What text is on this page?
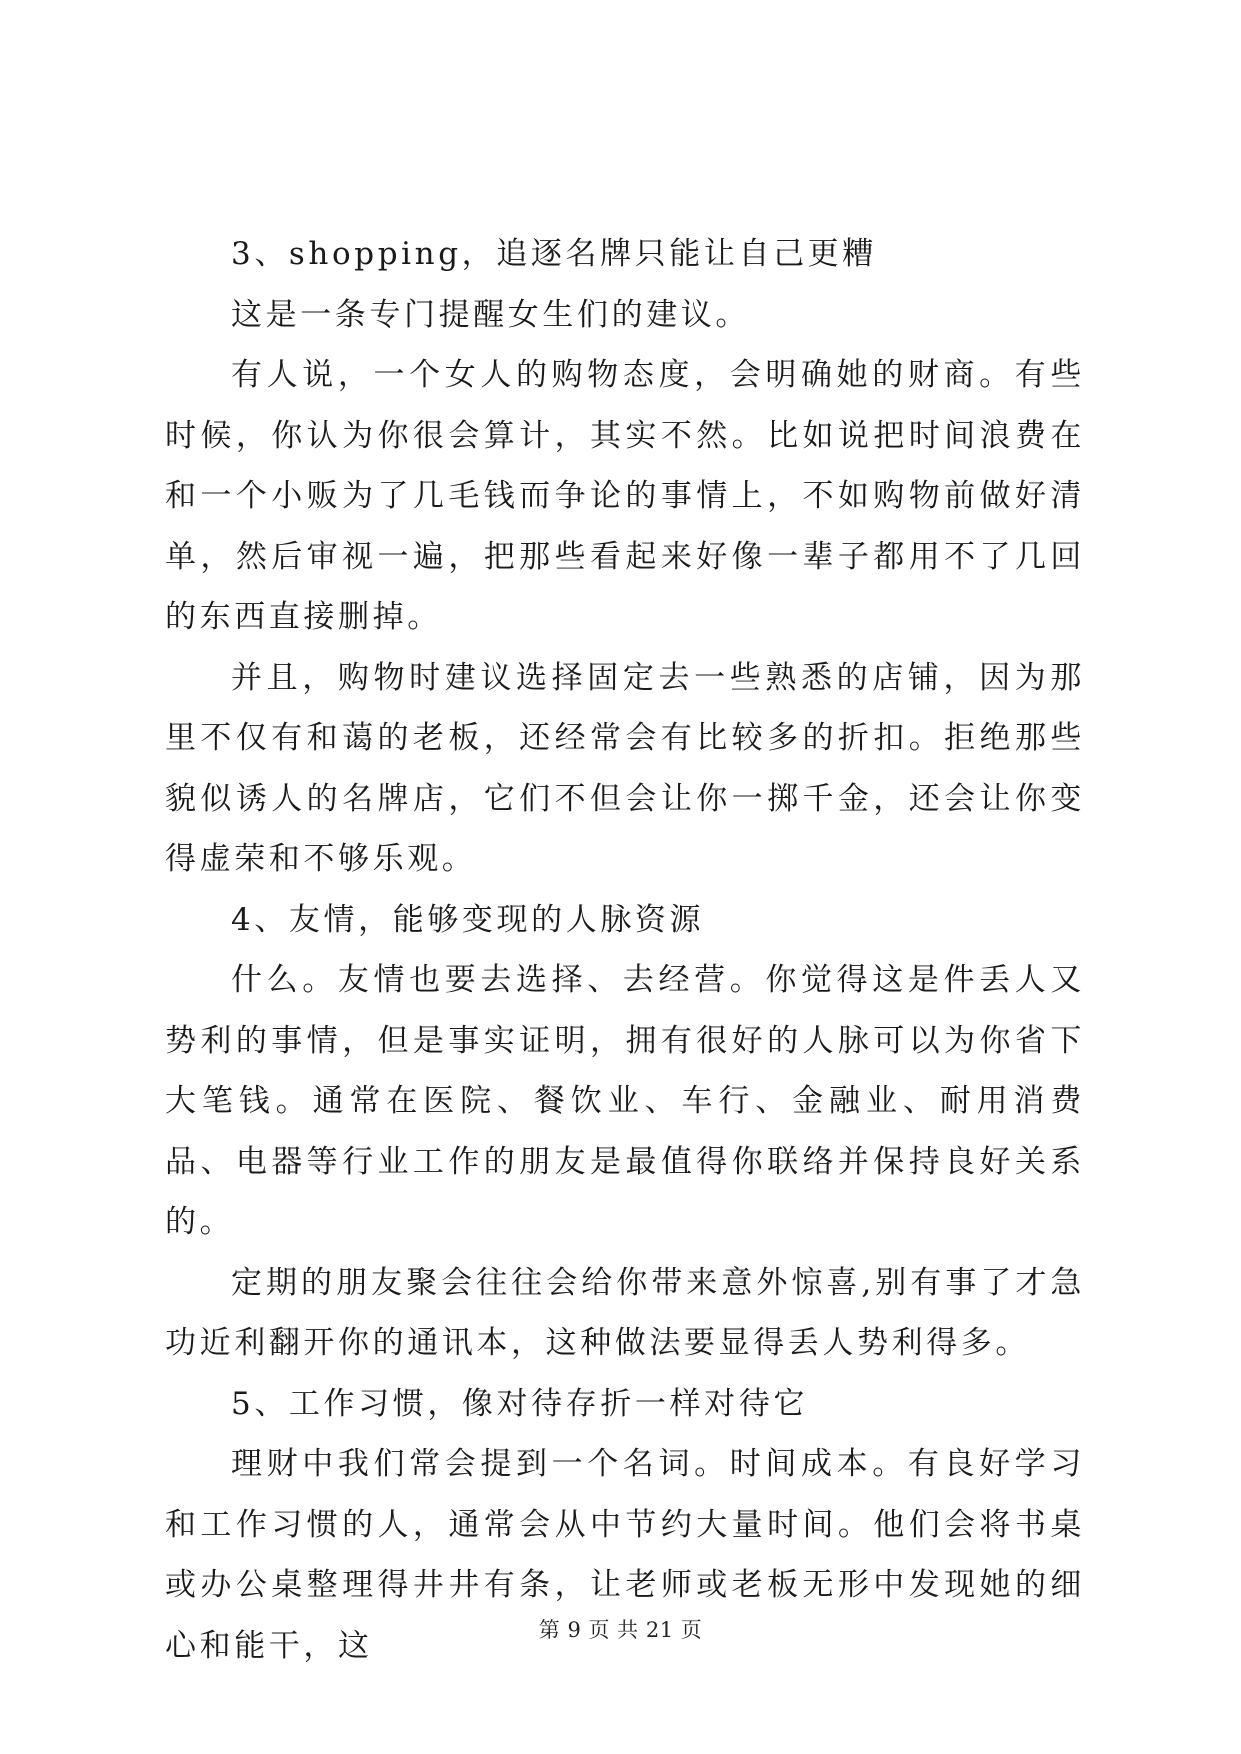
3、shopping，追逐名牌只能让自己更糟

这是一条专门提醒女生们的建议。

有人说，一个女人的购物态度，会明确她的财商。有些时候，你认为你很会算计，其实不然。比如说把时间浪费在和一个小贩为了几毛钱而争论的事情上，不如购物前做好清单，然后审视一遍，把那些看起来好像一辈子都用不了几回的东西直接删掉。

并且，购物时建议选择固定去一些熟悉的店铺，因为那里不仅有和蔼的老板，还经常会有比较多的折扣。拒绝那些貌似诱人的名牌店，它们不但会让你一掷千金，还会让你变得虚荣和不够乐观。

4、友情，能够变现的人脉资源

什么。友情也要去选择、去经营。你觉得这是件丢人又势利的事情，但是事实证明，拥有很好的人脉可以为你省下大笔钱。通常在医院、餐饮业、车行、金融业、耐用消费品、电器等行业工作的朋友是最值得你联络并保持良好关系的。

定期的朋友聚会往往会给你带来意外惊喜,别有事了才急功近利翻开你的通讯本，这种做法要显得丢人势利得多。

5、工作习惯，像对待存折一样对待它

理财中我们常会提到一个名词。时间成本。有良好学习和工作习惯的人，通常会从中节约大量时间。他们会将书桌或办公桌整理得井井有条，让老师或老板无形中发现她的细心和能干，这	第 9 页 共 21 页
